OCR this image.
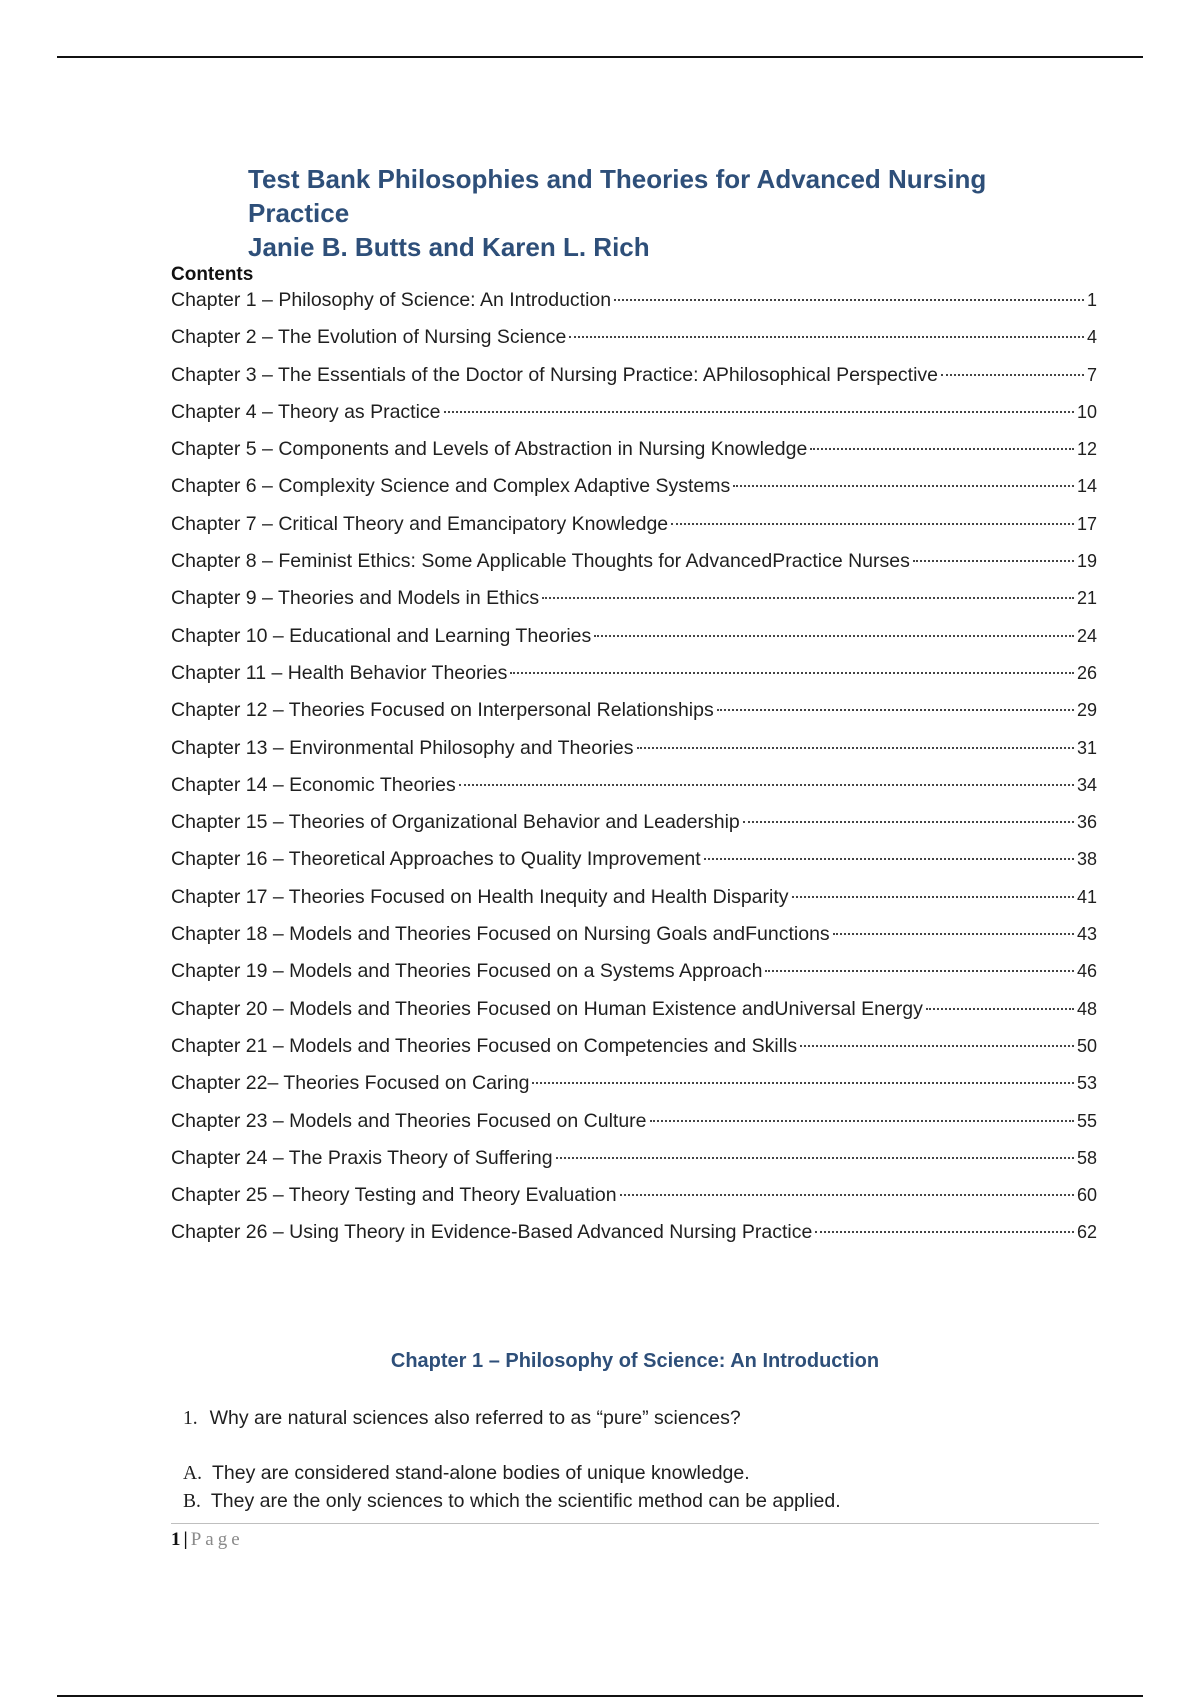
Test Bank Philosophies and Theories for Advanced Nursing
Practice
Janie B. Butts and Karen L. Rich
Contents
Chapter 1 – Philosophy of Science: An Introduction	1
Chapter 2 – The Evolution of Nursing Science	4
Chapter 3 – The Essentials of the Doctor of Nursing Practice: APhilosophical Perspective	7
Chapter 4 – Theory as Practice	10
Chapter 5 – Components and Levels of Abstraction in Nursing Knowledge	12
Chapter 6 – Complexity Science and Complex Adaptive Systems	14
Chapter 7 – Critical Theory and Emancipatory Knowledge	17
Chapter 8 – Feminist Ethics: Some Applicable Thoughts for AdvancedPractice Nurses	19
Chapter 9 – Theories and Models in Ethics	21
Chapter 10 – Educational and Learning Theories	24
Chapter 11 – Health Behavior Theories	26
Chapter 12 – Theories Focused on Interpersonal Relationships	29
Chapter 13 – Environmental Philosophy and Theories	31
Chapter 14 – Economic Theories	34
Chapter 15 – Theories of Organizational Behavior and Leadership	36
Chapter 16 – Theoretical Approaches to Quality Improvement	38
Chapter 17 – Theories Focused on Health Inequity and Health Disparity	41
Chapter 18 – Models and Theories Focused on Nursing Goals andFunctions	43
Chapter 19 – Models and Theories Focused on a Systems Approach	46
Chapter 20 – Models and Theories Focused on Human Existence andUniversal Energy	48
Chapter 21 – Models and Theories Focused on Competencies and Skills	50
Chapter 22– Theories Focused on Caring	53
Chapter 23 – Models and Theories Focused on Culture	55
Chapter 24 – The Praxis Theory of Suffering	58
Chapter 25 – Theory Testing and Theory Evaluation	60
Chapter 26 – Using Theory in Evidence-Based Advanced Nursing Practice	62
Chapter 1 – Philosophy of Science: An Introduction
1. Why are natural sciences also referred to as “pure” sciences?
A. They are considered stand-alone bodies of unique knowledge.
B. They are the only sciences to which the scientific method can be applied.
1 | Page
